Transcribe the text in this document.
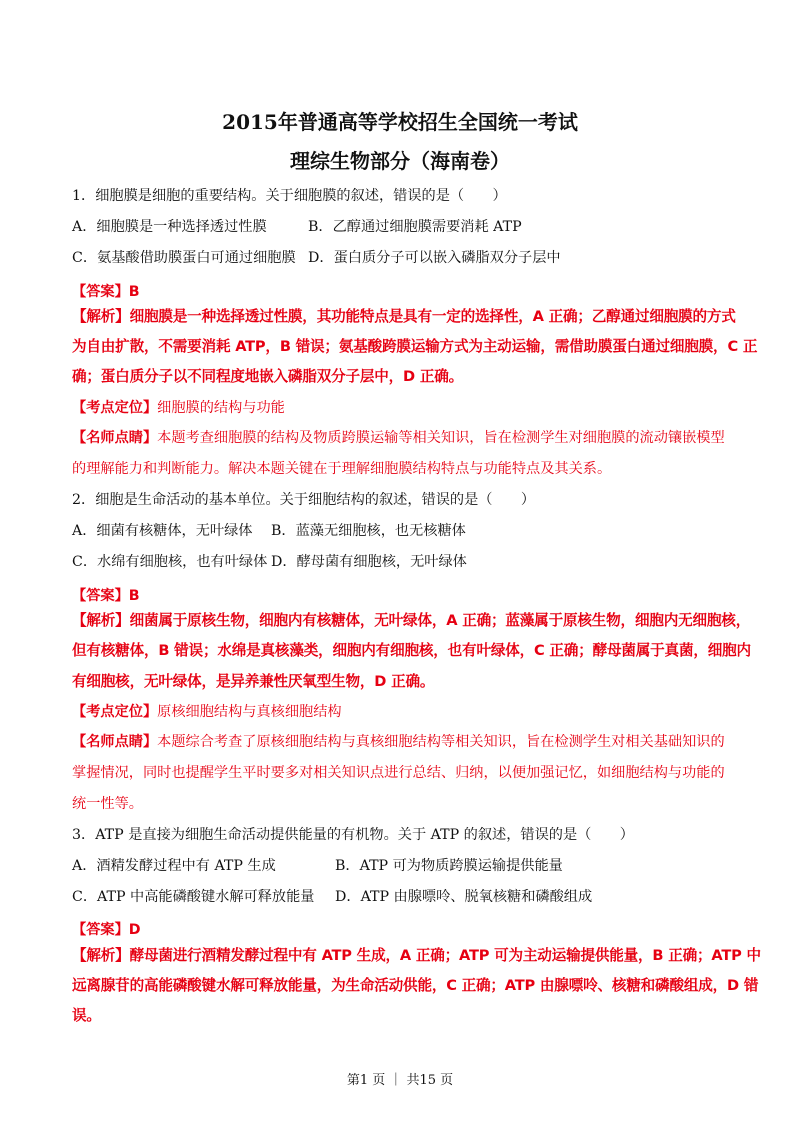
2015年普通高等学校招生全国统一考试
理综生物部分（海南卷）
1．细胞膜是细胞的重要结构。关于细胞膜的叙述，错误的是（　　）
A．细胞膜是一种选择透过性膜	B．乙醇通过细胞膜需要消耗 ATP
C．氨基酸借助膜蛋白可通过细胞膜 D．蛋白质分子可以嵌入磷脂双分子层中
【答案】B
【解析】细胞膜是一种选择透过性膜，其功能特点是具有一定的选择性，A 正确；乙醇通过细胞膜的方式
为自由扩散，不需要消耗 ATP，B 错误；氨基酸跨膜运输方式为主动运输，需借助膜蛋白通过细胞膜，C 正
确；蛋白质分子以不同程度地嵌入磷脂双分子层中，D 正确。
【考点定位】细胞膜的结构与功能
【名师点睛】本题考查细胞膜的结构及物质跨膜运输等相关知识，旨在检测学生对细胞膜的流动镶嵌模型
的理解能力和判断能力。解决本题关键在于理解细胞膜结构特点与功能特点及其关系。
2．细胞是生命活动的基本单位。关于细胞结构的叙述，错误的是（　　）
A．细菌有核糖体，无叶绿体 B．蓝藻无细胞核，也无核糖体
C．水绵有细胞核，也有叶绿体 D．酵母菌有细胞核，无叶绿体
【答案】B
【解析】细菌属于原核生物，细胞内有核糖体，无叶绿体，A 正确；蓝藻属于原核生物，细胞内无细胞核，
但有核糖体，B 错误；水绵是真核藻类，细胞内有细胞核，也有叶绿体，C 正确；酵母菌属于真菌，细胞内
有细胞核，无叶绿体，是异养兼性厌氧型生物，D 正确。
【考点定位】原核细胞结构与真核细胞结构
【名师点睛】本题综合考查了原核细胞结构与真核细胞结构等相关知识，旨在检测学生对相关基础知识的
掌握情况，同时也提醒学生平时要多对相关知识点进行总结、归纳，以便加强记忆，如细胞结构与功能的
统一性等。
3．ATP 是直接为细胞生命活动提供能量的有机物。关于 ATP 的叙述，错误的是（　　）
A．酒精发酵过程中有 ATP 生成	B．ATP 可为物质跨膜运输提供能量
C．ATP 中高能磷酸键水解可释放能量 D．ATP 由腺嘌呤、脱氧核糖和磷酸组成
【答案】D
【解析】酵母菌进行酒精发酵过程中有 ATP 生成，A 正确；ATP 可为主动运输提供能量，B 正确；ATP 中
远离腺苷的高能磷酸键水解可释放能量，为生命活动供能，C 正确；ATP 由腺嘌呤、核糖和磷酸组成，D 错
误。
第1 页 ｜ 共15 页
